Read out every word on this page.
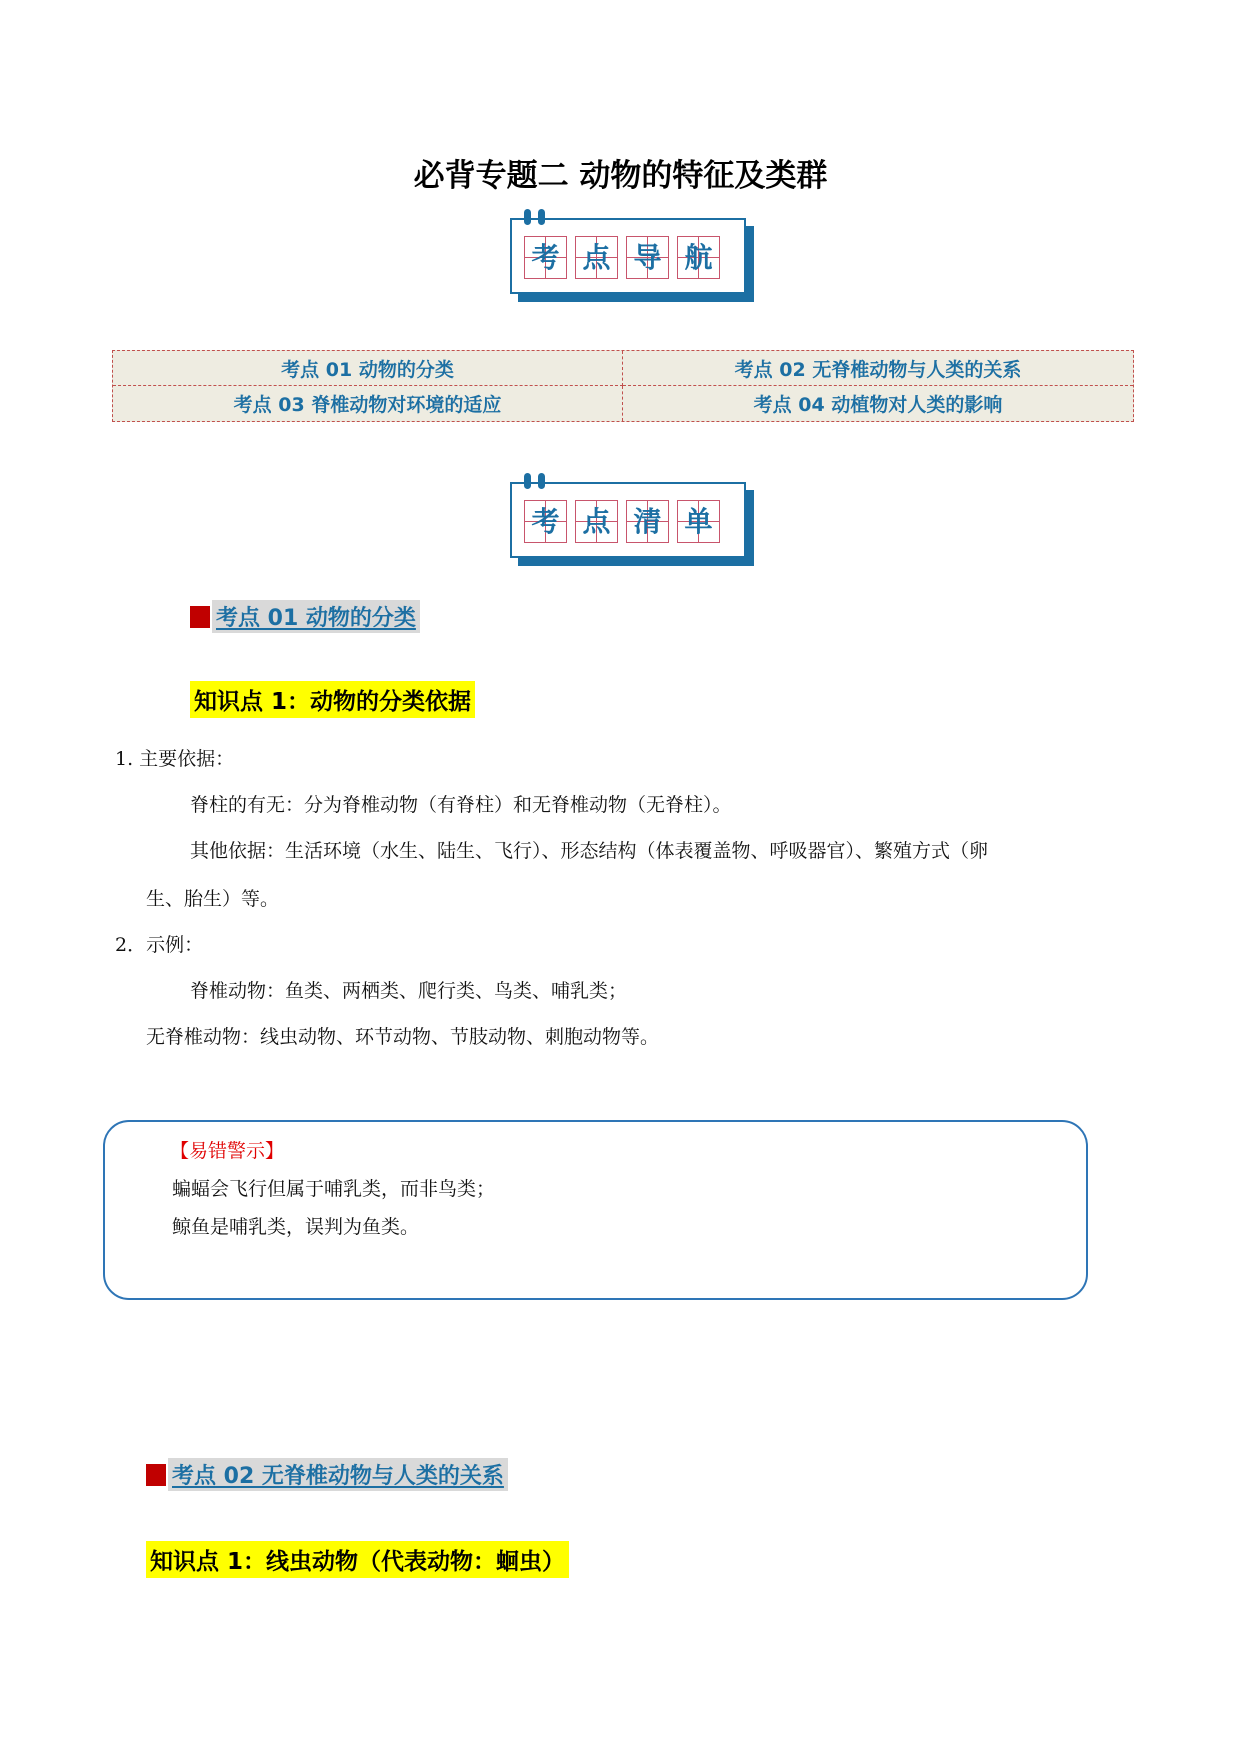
必背专题二 动物的特征及类群
考 点 导 航
考点 01 动物的分类	考点 02 无脊椎动物与人类的关系
考点 03 脊椎动物对环境的适应	考点 04 动植物对人类的影响
考 点 清 单
考点 01 动物的分类
知识点 1：动物的分类依据
1. 主要依据：
脊柱的有无：分为脊椎动物（有脊柱）和无脊椎动物（无脊柱）。
其他依据：生活环境（水生、陆生、飞行）、形态结构（体表覆盖物、呼吸器官）、繁殖方式（卵
生、胎生）等。
2．示例：
脊椎动物：鱼类、两栖类、爬行类、鸟类、哺乳类；
无脊椎动物：线虫动物、环节动物、节肢动物、刺胞动物等。
【易错警示】
蝙蝠会飞行但属于哺乳类，而非鸟类；
鲸鱼是哺乳类，误判为鱼类。
考点 02 无脊椎动物与人类的关系
知识点 1：线虫动物（代表动物：蛔虫）
